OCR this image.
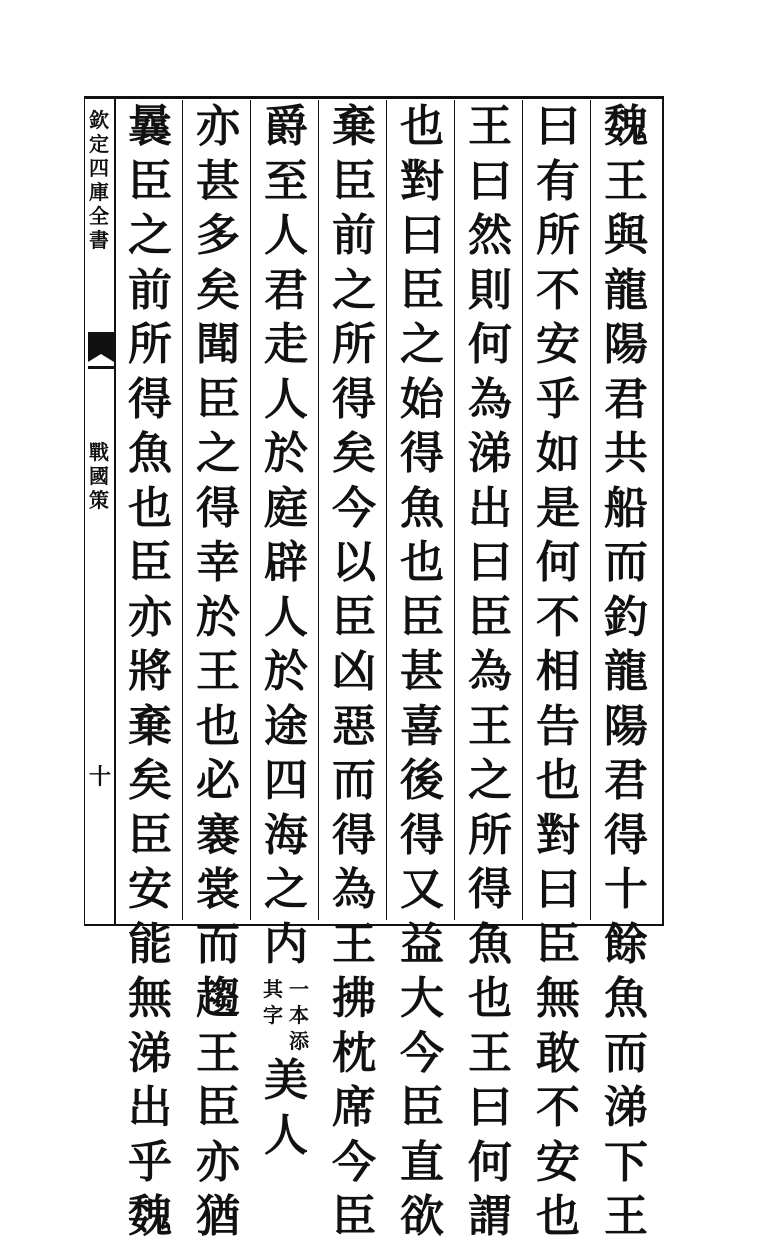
欽
定
四
庫
全
書
戰
國
策
十
魏
王
與
龍
陽
君
共
船
而
釣
龍
陽
君
得
十
餘
魚
而
涕
下
王
曰
有
所
不
安
乎
如
是
何
不
相
告
也
對
曰
臣
無
敢
不
安
也
王
曰
然
則
何
為
涕
出
曰
臣
為
王
之
所
得
魚
也
王
曰
何
謂
也
對
曰
臣
之
始
得
魚
也
臣
甚
喜
後
得
又
益
大
今
臣
直
欲
棄
臣
前
之
所
得
矣
今
以
臣
凶
惡
而
得
為
王
拂
枕
席
今
臣
爵
至
人
君
走
人
於
庭
辟
人
於
途
四
海
之
内
一
本
添
其
字
美
人
亦
甚
多
矣
聞
臣
之
得
幸
於
王
也
必
褰
裳
而
趨
王
臣
亦
猶
曩
臣
之
前
所
得
魚
也
臣
亦
將
棄
矣
臣
安
能
無
涕
出
乎
魏
